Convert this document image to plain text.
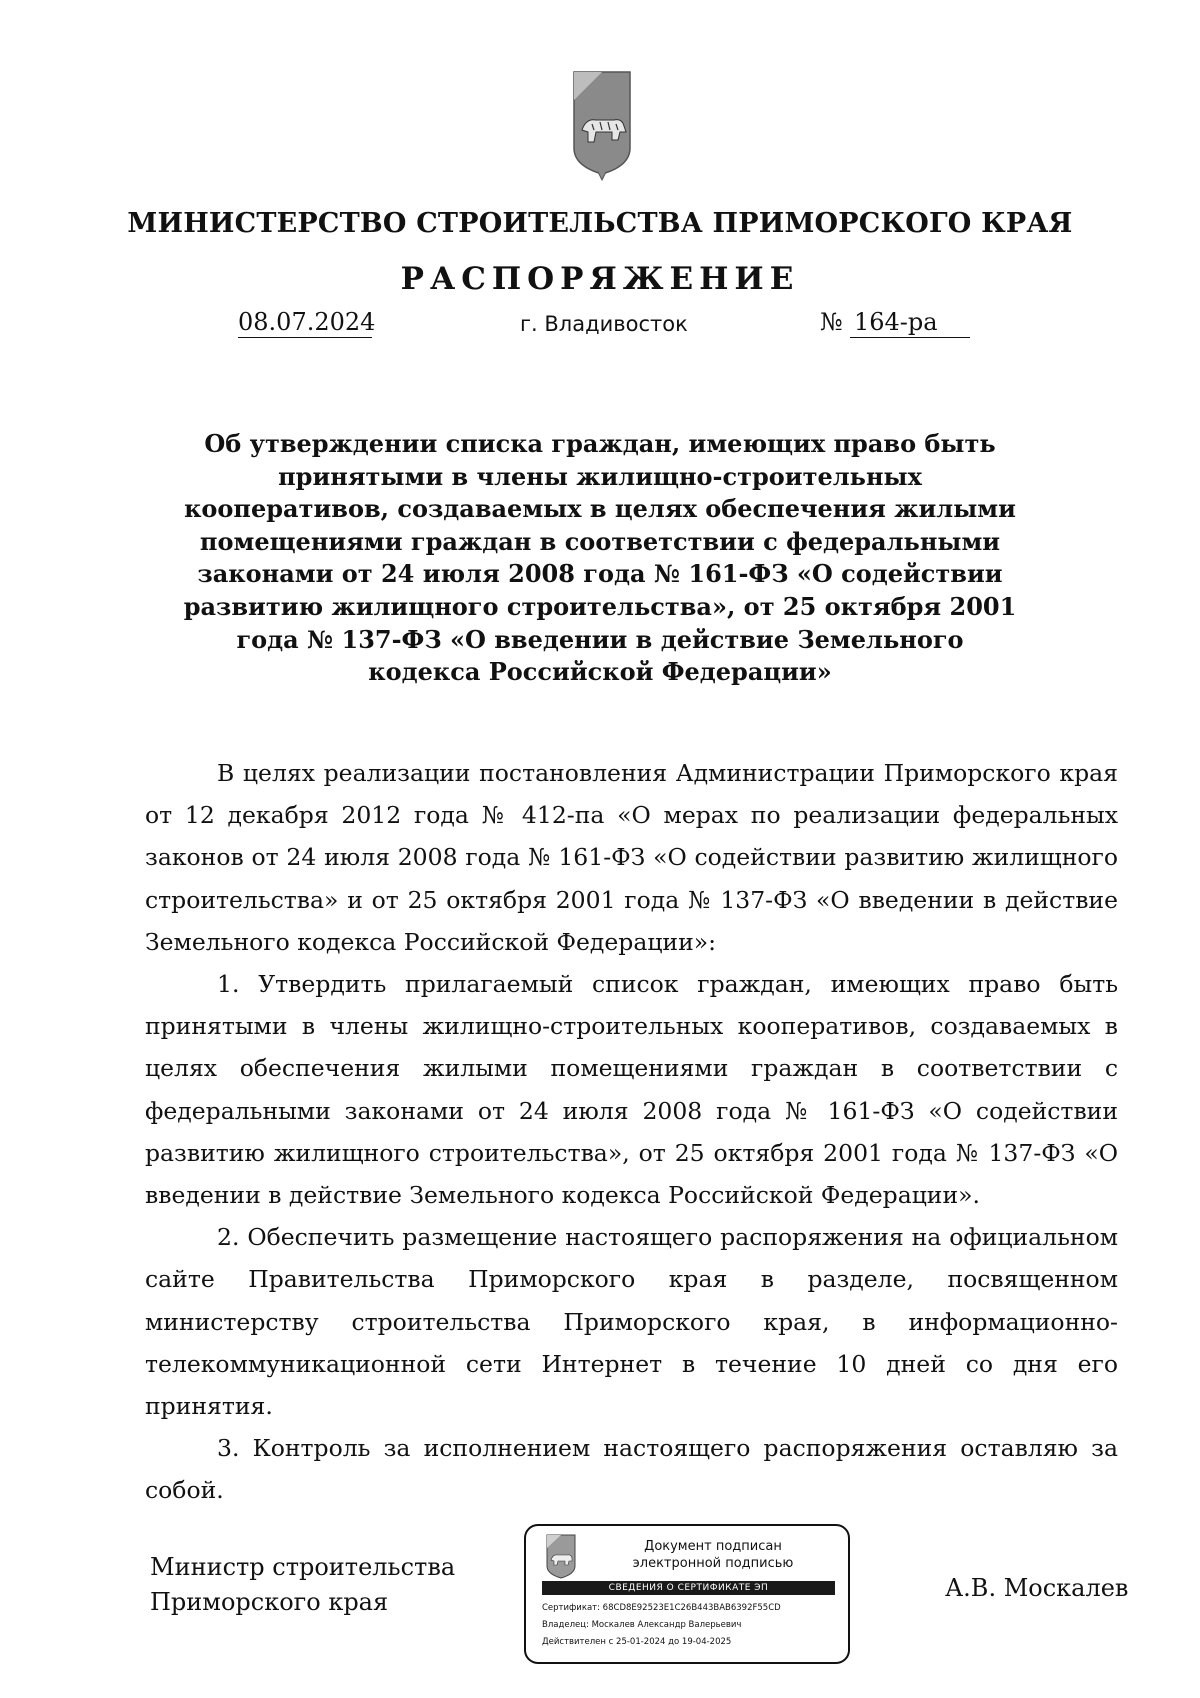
МИНИСТЕРСТВО СТРОИТЕЛЬСТВА ПРИМОРСКОГО КРАЯ
РАСПОРЯЖЕНИЕ
08.07.2024	г. Владивосток	№ 164-ра
Об утверждении списка граждан, имеющих право быть принятыми в члены жилищно-строительных кооперативов, создаваемых в целях обеспечения жилыми помещениями граждан в соответствии с федеральными законами от 24 июля 2008 года № 161-ФЗ «О содействии развитию жилищного строительства», от 25 октября 2001 года № 137-ФЗ «О введении в действие Земельного кодекса Российской Федерации»

В целях реализации постановления Администрации Приморского края от 12 декабря 2012 года № 412-па «О мерах по реализации федеральных законов от 24 июля 2008 года № 161-ФЗ «О содействии развитию жилищного строительства» и от 25 октября 2001 года № 137-ФЗ «О введении в действие Земельного кодекса Российской Федерации»:

1. Утвердить прилагаемый список граждан, имеющих право быть принятыми в члены жилищно-строительных кооперативов, создаваемых в целях обеспечения жилыми помещениями граждан в соответствии с федеральными законами от 24 июля 2008 года № 161-ФЗ «О содействии развитию жилищного строительства», от 25 октября 2001 года № 137-ФЗ «О введении в действие Земельного кодекса Российской Федерации».

2. Обеспечить размещение настоящего распоряжения на официальном сайте Правительства Приморского края в разделе, посвященном министерству строительства Приморского края, в информационно-телекоммуникационной сети Интернет в течение 10 дней со дня его принятия.

3. Контроль за исполнением настоящего распоряжения оставляю за собой.

Министр строительства
Приморского края
Документ подписан
электронной подписью
СВЕДЕНИЯ О СЕРТИФИКАТЕ ЭП
Сертификат: 68CD8E92523E1C26B443BAB6392F55CD
Владелец: Москалев Александр Валерьевич
Действителен с 25-01-2024 до 19-04-2025
А.В. Москалев
